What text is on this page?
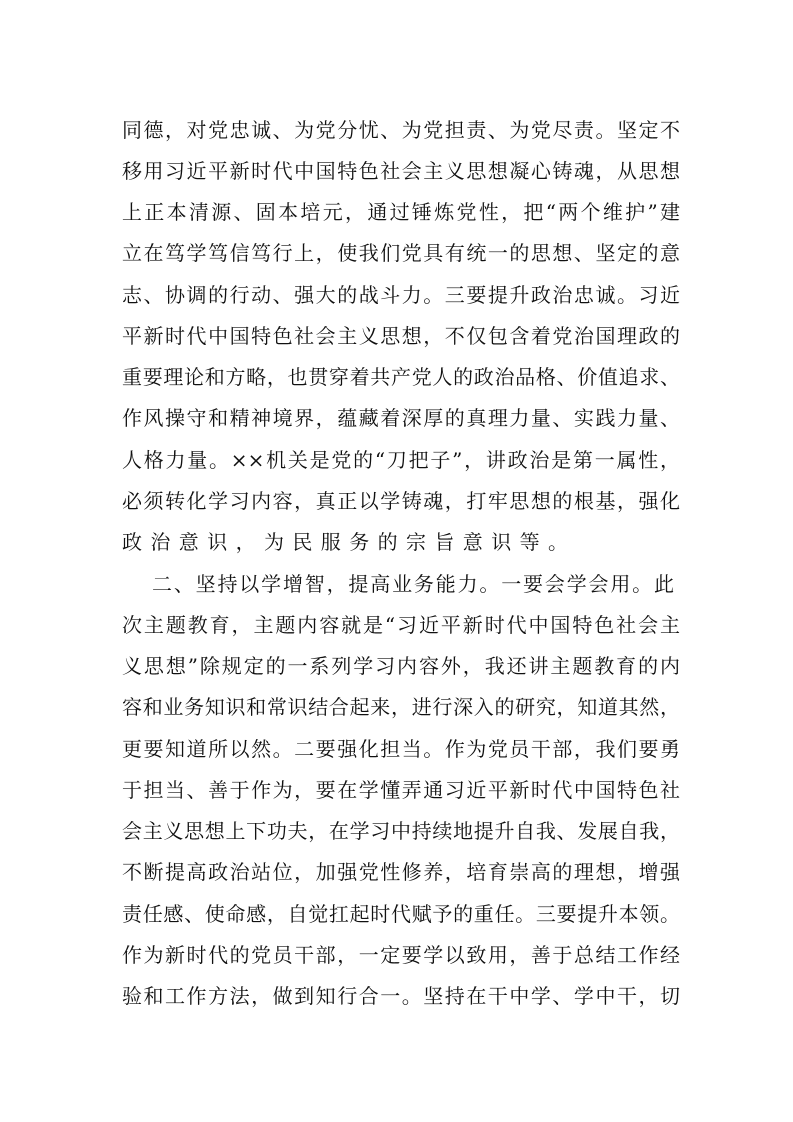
同德，对党忠诚、为党分忧、为党担责、为党尽责。坚定不
移用习近平新时代中国特色社会主义思想凝心铸魂，从思想
上正本清源、固本培元，通过锤炼党性，把“两个维护”建
立在笃学笃信笃行上，使我们党具有统一的思想、坚定的意
志、协调的行动、强大的战斗力。三要提升政治忠诚。习近
平新时代中国特色社会主义思想，不仅包含着党治国理政的
重要理论和方略，也贯穿着共产党人的政治品格、价值追求、
作风操守和精神境界，蕴藏着深厚的真理力量、实践力量、
人格力量。××机关是党的“刀把子”，讲政治是第一属性，
必须转化学习内容，真正以学铸魂，打牢思想的根基，强化
政治意识，为民服务的宗旨意识等。
二、坚持以学增智，提高业务能力。一要会学会用。此
次主题教育，主题内容就是“习近平新时代中国特色社会主
义思想”除规定的一系列学习内容外，我还讲主题教育的内
容和业务知识和常识结合起来，进行深入的研究，知道其然，
更要知道所以然。二要强化担当。作为党员干部，我们要勇
于担当、善于作为，要在学懂弄通习近平新时代中国特色社
会主义思想上下功夫，在学习中持续地提升自我、发展自我，
不断提高政治站位，加强党性修养，培育崇高的理想，增强
责任感、使命感，自觉扛起时代赋予的重任。三要提升本领。
作为新时代的党员干部，一定要学以致用，善于总结工作经
验和工作方法，做到知行合一。坚持在干中学、学中干，切
